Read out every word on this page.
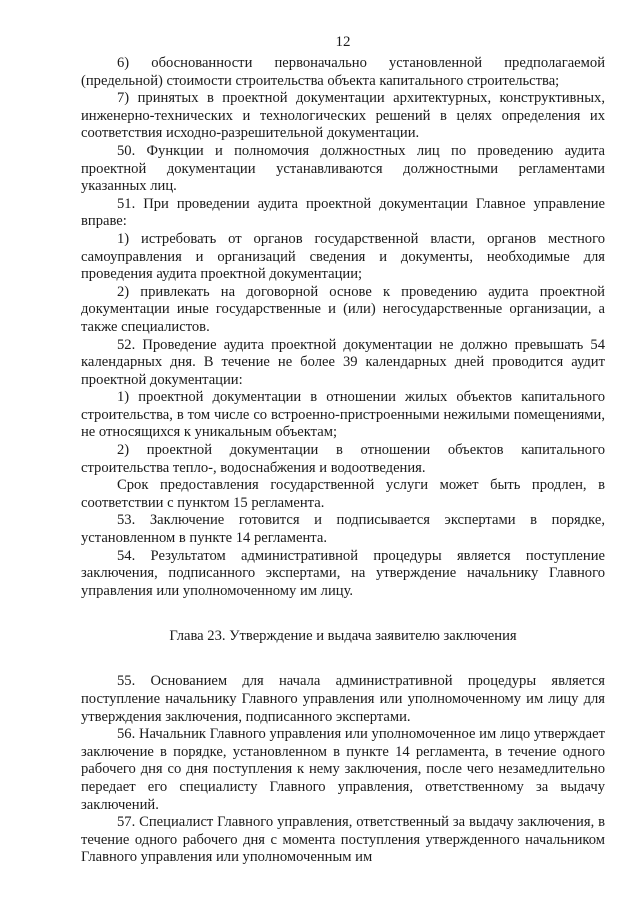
12

6) обоснованности первоначально установленной предполагаемой (предельной) стоимости строительства объекта капитального строительства;

7) принятых в проектной документации архитектурных, конструктивных, инженерно-технических и технологических решений в целях определения их соответствия исходно-разрешительной документации.

50. Функции и полномочия должностных лиц по проведению аудита проектной документации устанавливаются должностными регламентами указанных лиц.

51. При проведении аудита проектной документации Главное управление вправе:

1) истребовать от органов государственной власти, органов местного самоуправления и организаций сведения и документы, необходимые для проведения аудита проектной документации;

2) привлекать на договорной основе к проведению аудита проектной документации иные государственные и (или) негосударственные организации, а также специалистов.

52. Проведение аудита проектной документации не должно превышать 54 календарных дня. В течение не более 39 календарных дней проводится аудит проектной документации:

1) проектной документации в отношении жилых объектов капитального строительства, в том числе со встроенно-пристроенными нежилыми помещениями, не относящихся к уникальным объектам;

2) проектной документации в отношении объектов капитального строительства тепло-, водоснабжения и водоотведения.

Срок предоставления государственной услуги может быть продлен, в соответствии с пунктом 15 регламента.

53. Заключение готовится и подписывается экспертами в порядке, установленном в пункте 14 регламента.

54. Результатом административной процедуры является поступление заключения, подписанного экспертами, на утверждение начальнику Главного управления или уполномоченному им лицу.

Глава 23. Утверждение и выдача заявителю заключения

55. Основанием для начала административной процедуры является поступление начальнику Главного управления или уполномоченному им лицу для утверждения заключения, подписанного экспертами.

56. Начальник Главного управления или уполномоченное им лицо утверждает заключение в порядке, установленном в пункте 14 регламента, в течение одного рабочего дня со дня поступления к нему заключения, после чего незамедлительно передает его специалисту Главного управления, ответственному за выдачу заключений.

57. Специалист Главного управления, ответственный за выдачу заключения, в течение одного рабочего дня с момента поступления утвержденного начальником Главного управления или уполномоченным им
